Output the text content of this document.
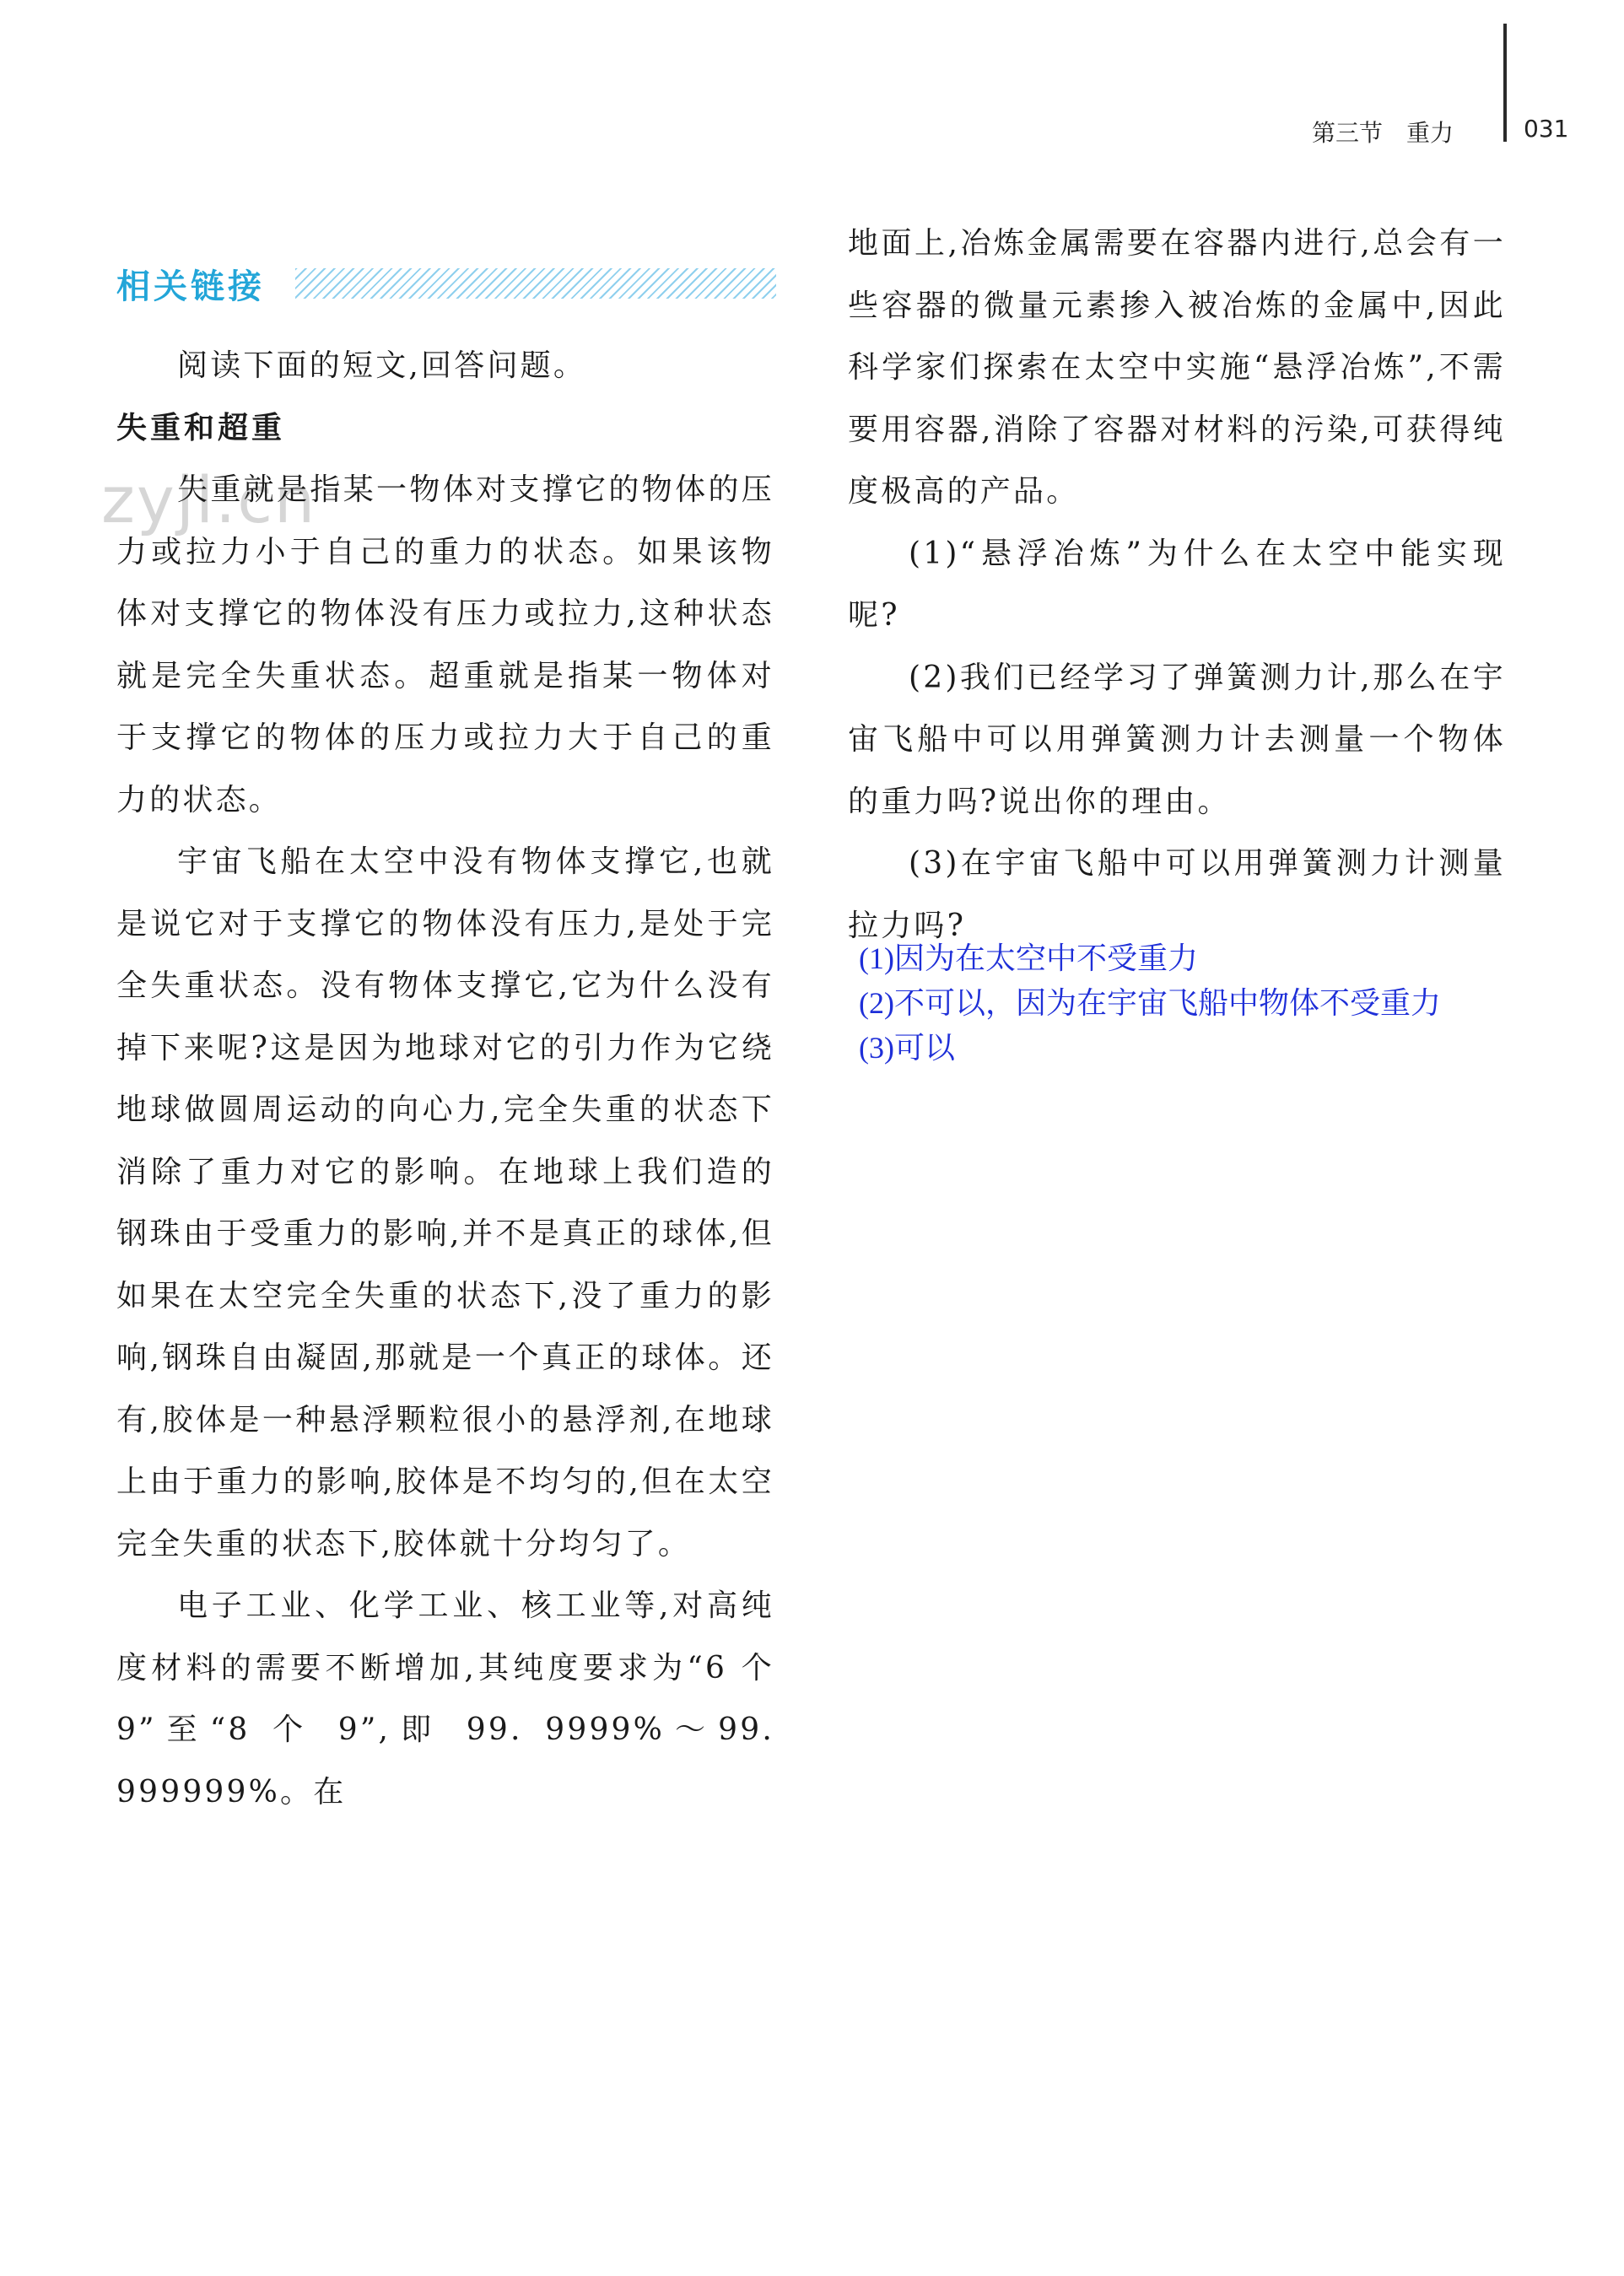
第三节　重力	031
相关链接
zyjl.cn

阅读下面的短文,回答问题。

失重和超重

失重就是指某一物体对支撑它的物体的压力或拉力小于自己的重力的状态。如果该物体对支撑它的物体没有压力或拉力,这种状态就是完全失重状态。超重就是指某一物体对于支撑它的物体的压力或拉力大于自己的重力的状态。

宇宙飞船在太空中没有物体支撑它,也就是说它对于支撑它的物体没有压力,是处于完全失重状态。没有物体支撑它,它为什么没有掉下来呢?这是因为地球对它的引力作为它绕地球做圆周运动的向心力,完全失重的状态下消除了重力对它的影响。在地球上我们造的钢珠由于受重力的影响,并不是真正的球体,但如果在太空完全失重的状态下,没了重力的影响,钢珠自由凝固,那就是一个真正的球体。还有,胶体是一种悬浮颗粒很小的悬浮剂,在地球上由于重力的影响,胶体是不均匀的,但在太空完全失重的状态下,胶体就十分均匀了。

电子工业、化学工业、核工业等,对高纯度材料的需要不断增加,其纯度要求为“6 个 9”至“8 个 9”,即 99. 9999%～99. 999999%。在

地面上,冶炼金属需要在容器内进行,总会有一些容器的微量元素掺入被冶炼的金属中,因此科学家们探索在太空中实施“悬浮冶炼”,不需要用容器,消除了容器对材料的污染,可获得纯度极高的产品。

(1)“悬浮冶炼”为什么在太空中能实现呢?

(2)我们已经学习了弹簧测力计,那么在宇宙飞船中可以用弹簧测力计去测量一个物体的重力吗?说出你的理由。

(3)在宇宙飞船中可以用弹簧测力计测量拉力吗?

(1)因为在太空中不受重力
(2)不可以，因为在宇宙飞船中物体不受重力
(3)可以
